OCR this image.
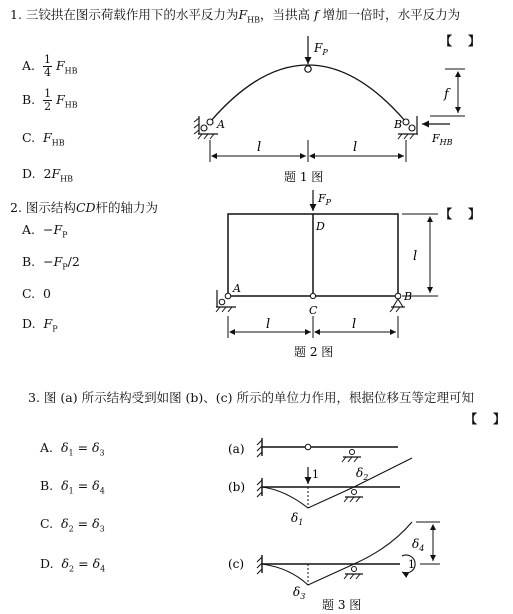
1. 三铰拱在图示荷载作用下的水平反力为$F_{HB}$，当拱高 f 增加一倍时，水平反力为
【 】
A. $\frac{1}{4} F_{HB}$
B. $\frac{1}{2} F_{HB}$
C. $F_{HB}$
D. $2F_{HB}$
2. 图示结构CD杆的轴力为	【 】
A. $-F_P$
B. $-F_P/2$
C. 0
D. $F_P$
3. 图 (a) 所示结构受到如图 (b)、(c) 所示的单位力作用，根据位移互等定理可知
【 】
A. $\delta_1 = \delta_3$
B. $\delta_1 = \delta_4$
C. $\delta_2 = \delta_3$
D. $\delta_2 = \delta_4$
$F_P$
A	B
$F_{HB}$
f
l	l
题 1 图
$F_P$
D
C
A
B
l
l	l
题 2 图
(a)
(b)
1
$\delta_1$
$\delta_2$
(c)	1
$\delta_3$
$\delta_4$
题 3 图
